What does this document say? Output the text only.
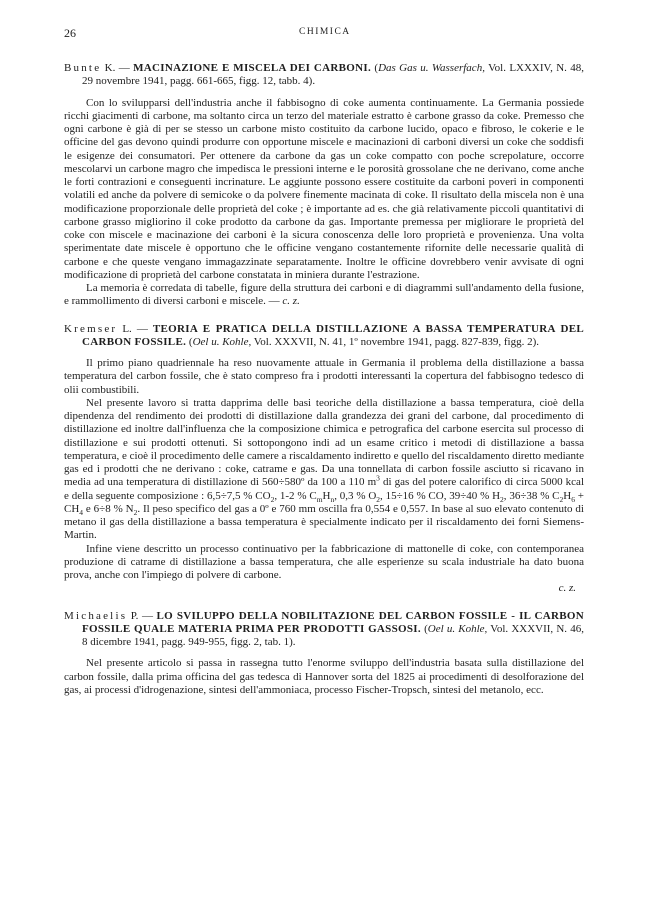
26	CHIMICA

Bunte K. — MACINAZIONE E MISCELA DEI CARBONI. (Das Gas u. Wasserfach, Vol. LXXXIV, N. 48, 29 novembre 1941, pagg. 661-665, figg. 12, tabb. 4).

Con lo svilupparsi dell'industria anche il fabbisogno di coke aumenta continuamente. La Germania possiede ricchi giacimenti di carbone, ma soltanto circa un terzo del materiale estratto è carbone grasso da coke. Premesso che ogni carbone è già di per se stesso un carbone misto costituito da carbone lucido, opaco e fibroso, le cokerie e le officine del gas devono quindi produrre con opportune miscele e macinazioni di carboni diversi un coke che soddisfi le esigenze dei consumatori. Per ottenere da carbone da gas un coke compatto con poche screpolature, occorre mescolarvi un carbone magro che impedisca le pressioni interne e le porosità grossolane che ne derivano, come anche le forti contrazioni e conseguenti incrinature. Le aggiunte possono essere costituite da carboni poveri in componenti volatili ed anche da polvere di semicoke o da polvere finemente macinata di coke. Il risultato della miscela non è una modificazione proporzionale delle proprietà del coke ; è importante ad es. che già relativamente piccoli quantitativi di carbone grasso migliorino il coke prodotto da carbone da gas. Importante premessa per migliorare le proprietà del coke con miscele e macinazione dei carboni è la sicura conoscenza delle loro proprietà e provenienza. Una volta sperimentate date miscele è opportuno che le officine vengano costantemente rifornite delle necessarie qualità di carbone e che queste vengano immagazzinate separatamente. Inoltre le officine dovrebbero venir avvisate di ogni modificazione di proprietà del carbone constatata in miniera durante l'estrazione.

La memoria è corredata di tabelle, figure della struttura dei carboni e di diagrammi sull'andamento della fusione, e rammollimento di diversi carboni e miscele. — c. z.

Kremser L. — TEORIA E PRATICA DELLA DISTILLAZIONE A BASSA TEMPERATURA DEL CARBON FOSSILE. (Oel u. Kohle, Vol. XXXVII, N. 41, 1º novembre 1941, pagg. 827-839, figg. 2).

Il primo piano quadriennale ha reso nuovamente attuale in Germania il problema della distillazione a bassa temperatura del carbon fossile, che è stato compreso fra i prodotti interessanti la copertura del fabbisogno tedesco di olii combustibili.

Nel presente lavoro si tratta dapprima delle basi teoriche della distillazione a bassa temperatura, cioè della dipendenza del rendimento dei prodotti di distillazione dalla grandezza dei grani del carbone, dal procedimento di distillazione ed inoltre dall'influenza che la composizione chimica e petrografica del carbone esercita sul processo di distillazione e sui prodotti ottenuti. Si sottopongono indi ad un esame critico i metodi di distillazione a bassa temperatura, e cioè il procedimento delle camere a riscaldamento indiretto e quello del riscaldamento diretto mediante gas ed i prodotti che ne derivano : coke, catrame e gas. Da una tonnellata di carbon fossile asciutto si ricavano in media ad una temperatura di distillazione di 560÷580º da 100 a 110 $m^3$ di gas del potere calorifico di circa 5000 kcal e della seguente composizione : 6,5÷7,5 % $CO_2$, 1-2 % $C_mH_n$, 0,3 % $O_2$, 15÷16 % CO, 39÷40 % $H_2$, 36÷38 % $C_2H_6 + CH_4$ e 6÷8 % $N_2$. Il peso specifico del gas a 0º e 760 mm oscilla fra 0,554 e 0,557. In base al suo elevato contenuto di metano il gas della distillazione a bassa temperatura è specialmente indicato per il riscaldamento dei forni Siemens-Martin.

Infine viene descritto un processo continuativo per la fabbricazione di mattonelle di coke, con contemporanea produzione di catrame di distillazione a bassa temperatura, che alle esperienze su scala industriale ha dato buona prova, anche con l'impiego di polvere di carbone.

c. z.

Michaelis P. — LO SVILUPPO DELLA NOBILITAZIONE DEL CARBON FOSSILE - IL CARBON FOSSILE QUALE MATERIA PRIMA PER PRODOTTI GASSOSI. (Oel u. Kohle, Vol. XXXVII, N. 46, 8 dicembre 1941, pagg. 949-955, figg. 2, tab. 1).

Nel presente articolo si passa in rassegna tutto l'enorme sviluppo dell'industria basata sulla distillazione del carbon fossile, dalla prima officina del gas tedesca di Hannover sorta del 1825 ai procedimenti di desolforazione del gas, ai processi d'idrogenazione, sintesi dell'ammoniaca, processo Fischer-Tropsch, sintesi del metanolo, ecc.
